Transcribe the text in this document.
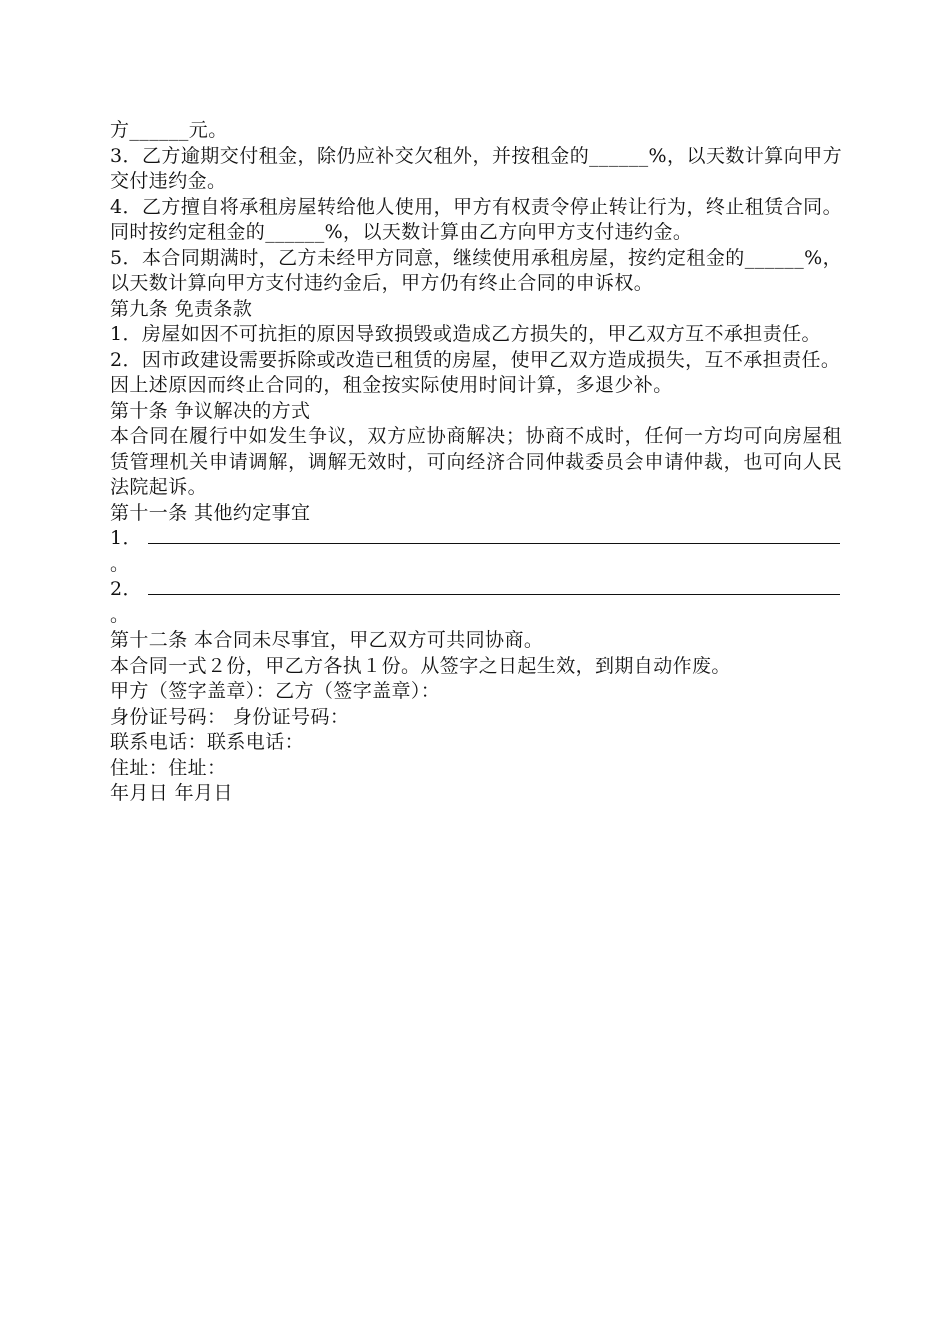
方______元。

3．乙方逾期交付租金，除仍应补交欠租外，并按租金的______%，以天数计算向甲方交付违约金。

4．乙方擅自将承租房屋转给他人使用，甲方有权责令停止转让行为，终止租赁合同。同时按约定租金的______%，以天数计算由乙方向甲方支付违约金。

5．本合同期满时，乙方未经甲方同意，继续使用承租房屋，按约定租金的______%，以天数计算向甲方支付违约金后，甲方仍有终止合同的申诉权。

第九条 免责条款

1．房屋如因不可抗拒的原因导致损毁或造成乙方损失的，甲乙双方互不承担责任。

2．因市政建设需要拆除或改造已租赁的房屋，使甲乙双方造成损失，互不承担责任。

因上述原因而终止合同的，租金按实际使用时间计算，多退少补。

第十条 争议解决的方式

本合同在履行中如发生争议，双方应协商解决；协商不成时，任何一方均可向房屋租赁管理机关申请调解，调解无效时，可向经济合同仲裁委员会申请仲裁，也可向人民法院起诉。

第十一条 其他约定事宜

1．
。
2．
。

第十二条 本合同未尽事宜，甲乙双方可共同协商。

本合同一式２份，甲乙方各执１份。从签字之日起生效，到期自动作废。

甲方（签字盖章）：乙方（签字盖章）：

身份证号码： 身份证号码：

联系电话：联系电话：

住址：住址：

年月日 年月日
